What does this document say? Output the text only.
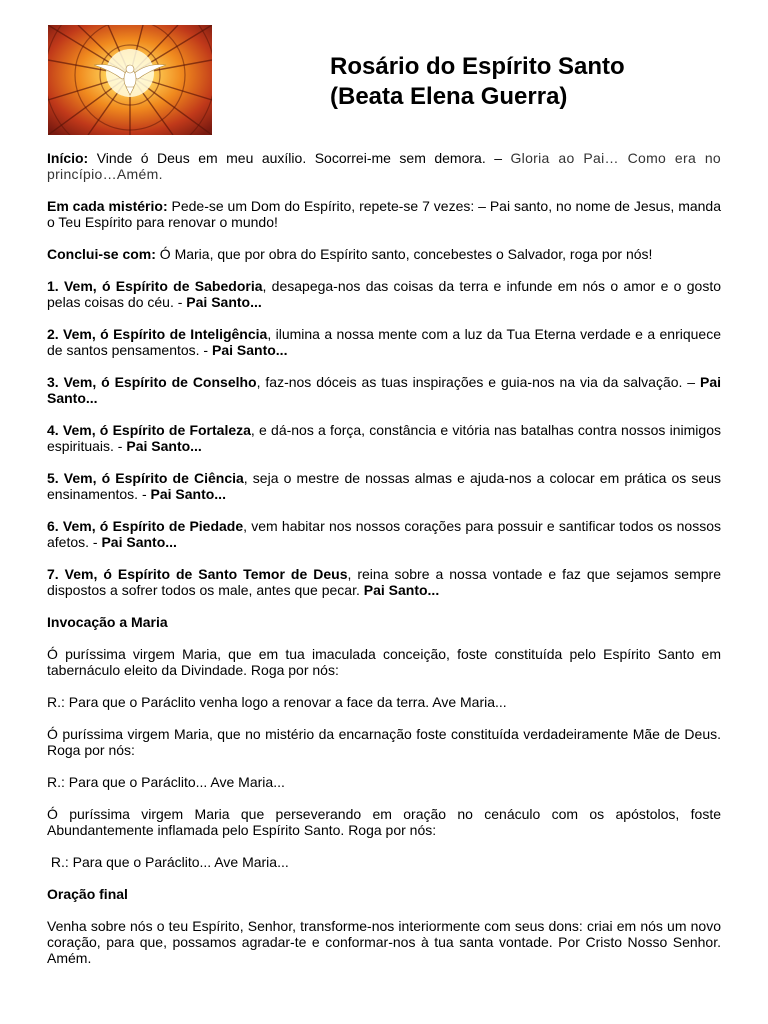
Rosário do Espírito Santo
(Beata Elena Guerra)

Início: Vinde ó Deus em meu auxílio. Socorrei-me sem demora. – Gloria ao Pai… Como era no princípio…Amém.

Em cada mistério: Pede-se um Dom do Espírito, repete-se 7 vezes: – Pai santo, no nome de Jesus, manda o Teu Espírito para renovar o mundo!

Conclui-se com: Ó Maria, que por obra do Espírito santo, concebestes o Salvador, roga por nós!

1. Vem, ó Espírito de Sabedoria, desapega-nos das coisas da terra e infunde em nós o amor e o gosto pelas coisas do céu. - Pai Santo...

2. Vem, ó Espírito de Inteligência, ilumina a nossa mente com a luz da Tua Eterna verdade e a enriquece de santos pensamentos. - Pai Santo...

3. Vem, ó Espírito de Conselho, faz-nos dóceis as tuas inspirações e guia-nos na via da salvação. – Pai Santo...

4. Vem, ó Espírito de Fortaleza, e dá-nos a força, constância e vitória nas batalhas contra nossos inimigos espirituais. - Pai Santo...

5. Vem, ó Espírito de Ciência, seja o mestre de nossas almas e ajuda-nos a colocar em prática os seus ensinamentos. - Pai Santo...

6. Vem, ó Espírito de Piedade, vem habitar nos nossos corações para possuir e santificar todos os nossos afetos. - Pai Santo...

7. Vem, ó Espírito de Santo Temor de Deus, reina sobre a nossa vontade e faz que sejamos sempre dispostos a sofrer todos os male, antes que pecar. Pai Santo...

Invocação a Maria

Ó puríssima virgem Maria, que em tua imaculada conceição, foste constituída pelo Espírito Santo em tabernáculo eleito da Divindade. Roga por nós:

R.: Para que o Paráclito venha logo a renovar a face da terra. Ave Maria...

Ó puríssima virgem Maria, que no mistério da encarnação foste constituída verdadeiramente Mãe de Deus. Roga por nós:

R.: Para que o Paráclito... Ave Maria...

Ó puríssima virgem Maria que perseverando em oração no cenáculo com os apóstolos, foste Abundantemente inflamada pelo Espírito Santo. Roga por nós:

R.: Para que o Paráclito... Ave Maria...

Oração final

Venha sobre nós o teu Espírito, Senhor, transforme-nos interiormente com seus dons: criai em nós um novo coração, para que, possamos agradar-te e conformar-nos à tua santa vontade. Por Cristo Nosso Senhor. Amém.
